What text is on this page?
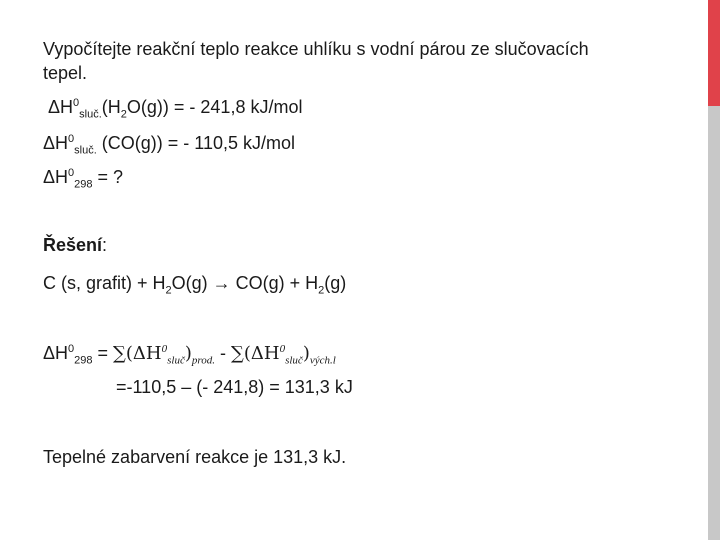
Vypočítejte reakční teplo reakce uhlíku s vodní párou ze slučovacích

tepel.

$\Delta H^0_{sluč.}(H_2O(g))$ = - 241,8 kJ/mol

$\Delta H^0_{sluč.}$ (CO(g)) = - 110,5 kJ/mol

$\Delta H^0_{298}$ = ?

Řešení:

C (s, grafit) + $H_2O(g) \to CO(g) + H_2(g)$

$\Delta H^0_{298} = \sum(\Delta H^0_{sluč})_{prod.} - \sum(\Delta H^0_{sluč})_{vých.l}$

=-110,5 – (- 241,8) = 131,3 kJ

Tepelné zabarvení reakce je 131,3 kJ.
